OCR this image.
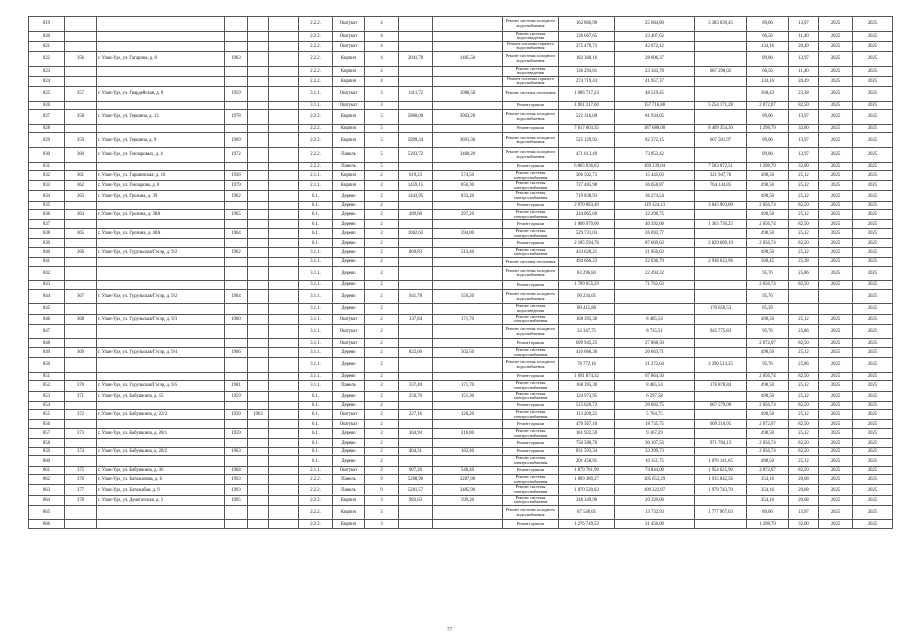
819						2.2.2.	Оштукат	4			Ремонт системы холодного водоснабжения	162 866,90	25 684,80	5 383 039,45	89,06	13,97	2025	2025
820						2.2.2.	Оштукат	4			Ремонт системы водоотведения	136 667,65	23 407,62		66,56	11,40	2025	2025
821						2.2.2.	Оштукат	4			Ремонт системы горячего водоснабжения	275 470,73	42 072,12		134,16	20,49	2025	2025
822	356	г. Улан-Удэ, ул. Гагарина, д. 8	1963			2.2.2.	Кирпич	4	2041,78	1485,50	Ремонт системы холодного водоснабжения	182 368,16	28 606,37		89,06	13,97	2025	2025
823						2.2.2.	Кирпич	4			Ремонт системы водоотведения	136 294,01	23 343,78	687 290,02	66,56	11,40	2025	2025
824						2.2.2.	Кирпич	4			Ремонт системы горячего водоснабжения	274 719,43	41 957,37		134,16	20,49	2025	2025
825	357	г. Улан-Удэ, ул. Гвардейская, д. 8	1959			3.1.1.	Оштукат	3	1411,72	1080,50	Ремонт системы отопления	1 086 717,23	48 519,45		368,43	23,38	2025	2025
826						3.1.1.	Оштукат	3			Ремонт крыши	1 961 217,60	157 716,80	5 254 171,28	2 072,07	82,50	2025	2025
827	358	г. Улан-Удэ, ул. Гершина, д. 13	1978			2.2.2.	Кирпич	5	5868,00	3903,20	Ремонт системы холодного водоснабжения	522 316,00	81 934,05		89,06	13,97	2025	2025
828						2.2.2.	Кирпич	5			Ремонт крыши	7 617 603,35	187 680,00	8 409 354,30	1 298,79	32,00	2025	2025
829	359	г. Улан-Удэ, ул. Гершина, д. 9	1969			2.2.2.	Кирпич	5	5899,34	3691,30	Ремонт системы холодного водоснабжения	525 129,92	82 372,15	607 501,97	89,06	13,97	2025	2025
830	360	г. Улан-Удэ, ул. Гончаровых, д. 4	1972			2.2.2.	Панель	5	5293,72	3460,20	Ремонт системы холодного водоснабжения	471 013,49	73 853,42		89,06	13,97	2025	2025
831						2.2.2.	Панель	5			Ремонт крыши	6 865 936,63	169 239,04	7 583 072,51	1 298,79	32,00	2025	2025
832	361	г. Улан-Удэ, ул. Гаршинская, д. 16	1936			2.1.1.	Кирпич	2	619,23	574,50	Ремонт системы электроснабжения	306 502,73	15 445,03	321 947,76	498,50	25,12	2025	2025
833	362	г. Улан-Удэ, ул. Гончарова, д. 8	1979			2.1.1.	Кирпич	2	1459,15	856,30	Ремонт системы электроснабжения	727 485,98	36 658,87	764 144,85	498,50	25,12	2025	2025
834	363	г. Улан-Удэ, ул. Грозина, д. 39	1962			6.1.	Дерево	2	1443,95	833,20	Ремонт системы электроснабжения	719 838,93	36 274,54		498,50	25,12	2025	2025
835						6.1.	Дерево	2			Ремонт крыши	2 970 083,40	119 124,13	3 845 903,00	2 056,74	82,50	2025	2025
836	364	г. Улан-Удэ, ул. Грозина, д. 38А	1965			6.1.	Дерево	2	489,60	297,20	Ремонт системы электроснабжения	244 065,60	12 298,75		498,50	25,12	2025	2025
837						6.1.	Дерево	2			Ремонт крыши	1 006 979,00	40 392,00	1 303 736,25	2 056,74	82,50	2025	2025
838	365	г. Улан-Удэ, ул. Грозина, д. 40А	1964			6.1.	Дерево	2	1062,65	594,80	Ремонт системы электроснабжения	529 731,03	26 693,77		498,50	25,12	2025	2025
839						6.1.	Дерево	2			Ремонт крыши	2 185 594,76	87 669,63	2 829 689,19	2 056,74	82,50	2025	2025
840	366	г. Улан-Удэ, ул. Гурульская/Гэсэр, д. 9/2	1962			3.1.1.	Дерево	2	869,83	513,40	Ремонт системы электроснабжения	433 620,21	21 850,63		498,50	25,12	2025	2025
841						3.1.1.	Дерево	2			Ремонт системы отопления	494 666,23	22 036,79	2 938 622,96	568,45	25,38	2025	2025
842						3.1.1.	Дерево	2			Ремонт системы холодного водоснабжения	83 296,84	22 494,32		95,76	25,86	2025	2025
843						3.1.1.	Дерево	2			Ремонт крыши	1 789 055,29	71 762,63		2 056,74	82,50	2025	2025
844	367	г. Улан-Удэ, ул. Гурульская/Гэсэр, д. 9/2	1964			3.1.1.	Дерево	2	941,78	559,20	Ремонт системы холодного водоснабжения	90 234,65			95,76			2025
845						3.1.1.	Дерево	2			Ремонт системы водоотведения	80 415,88		170 650,53	85,39			2025
846	368	г. Улан-Удэ, ул. Гурульская/Гэсэр, д. 9/3	1960			3.1.1.	Оштукат	2	337,84	171,70	Ремонт системы электроснабжения	168 395,30	8 485,54		498,50	25,12	2025	2025
847						3.1.1.	Оштукат	2			Ремонт системы холодного водоснабжения	32 347,75	8 735,51	945 775,83	95,76	25,86	2025	2025
848						3.1.1.	Оштукат	2			Ремонт крыши	699 945,25	27 868,50		2 072,07	82,50	2025	2025
849	369	г. Улан-Удэ, ул. Гурульская/Гэсэр, д. 9/4	1966			3.1.1.	Дерево	2	822,06	502,50	Ремонт системы электроснабжения	410 066,30	20 663,71		498,50	25,12	2025	2025
850						3.1.1.	Дерево	2			Ремонт системы холодного водоснабжения	78 772,16	21 272,64	2 290 513,25	95,76	25,86	2025	2025
851						3.1.1.	Дерево	2			Ремонт крыши	1 691 874,32	67 864,50		2 056,74	82,50	2025	2025
852	370	г. Улан-Удэ, ул. Гурульская/Гэсэр, д. 9/5	1981			3.1.1.	Панель	2	337,40	171,70	Ремонт системы электроснабжения	168 395,30	8 485,54	176 878,84	498,50	25,12	2025	2025
853	371	г. Улан-Удэ, ул. Бабушкина, д. 15	1959			6.1.	Дерево	2	250,70	151,30	Ремонт системы электроснабжения	124 973,95	6 297,58		498,50	25,12	2025	2025
854						6.1.	Дерево	2			Ремонт крыши	515 626,72	20 682,75	667 579,00	2 056,74	82,50	2025	2025
855	372	г. Улан-Удэ, ул. Бабушкина, д. 22/2	1939	1963		6.1.	Оштукат	2	227,16	126,20	Ремонт системы электроснабжения	113 209,25	5 704,75		498,50	25,12	2025	2025
856						6.1.	Оштукат	2			Ремонт крыши	470 567,10	18 735,75	609 216,95	2 072,07	82,50	2025	2025
857	373	г. Улан-Удэ, ул. Бабушкина, д. 28/1	1959			6.1.	Дерево	2	364,94	216,80	Ремонт системы электроснабжения	181 922,59	9 167,29		498,50	25,12	2025	2025
858						6.1.	Дерево	2			Ремонт крыши	750 580,70	30 107,53	971 784,13	2 056,74	82,50	2025	2025
859	374	г. Улан-Удэ, ул. Бабушкина, д. 28/2	1963			6.1.	Дерево	2	404,31	183,40	Ремонт крыши	831 593,34	33 399,73		2 056,74	82,50	2025	2025
860						6.1.	Дерево	2			Ремонт системы электроснабжения	201 458,91	10 151,75	1 076 141,65	498,50	25,12	2025	2025
861	375	г. Улан-Удэ, ул. Бабушкина, д. 36	1968			2.1.1.	Оштукат	2	907,20	548,40	Ремонт крыши	1 879 781,90	74 844,00	1 954 625,90	2 072,07	82,50	2025	2025
862	376	г. Улан-Удэ, ул. Батожапова, д. 6	1993			2.2.2.	Панель	9	5208,96	3287,90	Ремонт системы электроснабжения	1 809 389,27	105 653,29	1 915 042,56	354,16	20,68	2025	2025
863	377	г. Улан-Удэ, ул. Батожабая, д. 9	1993			2.2.2.	Панель	9	5281,57	3485,90	Ремонт системы электроснабжения	1 870 520,83	109 222,87	1 979 743,70	354,16	20,68	2025	2025
864	378	г. Улан-Удэ, ул. Делегатская, д. 3	1995			2.2.2.	Кирпич	3	983,63	599,20	Ремонт системы электроснабжения	348 349,90	20 329,06		354,16	20,68	2025	2025
865						2.2.2.	Кирпич	3			Ремонт системы холодного водоснабжения	87 548,65	13 732,93	1 777 967,03	89,06	13,97	2025	2025
866						2.2.2.	Кирпич	3			Ремонт крыши	1 276 749,53	31 456,00		1 298,79	32,00	2025	2025
77
